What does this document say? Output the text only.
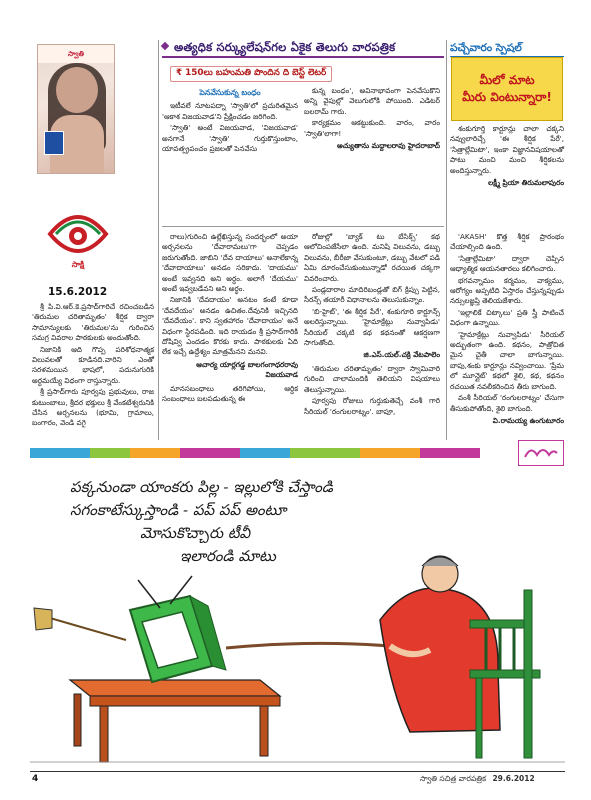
స్వాతి	అత్యధిక సర్క్యులేషన్‌గల ఏకైక తెలుగు వారపత్రిక	పచ్చేవారం స్పెషల్
₹ 150లు బహుమతి పొందిన ది బెస్ట్ లెటర్	మీలో మాట
మీరు వింటున్నారా!
సాక్షి
15.6.2012

శ్రీ పి.వి.ఆర్.కె.ప్రసాద్‌గారిచే రచించబడిన 'తిరుమల చరితామృతం' శీర్షిక ద్వారా సామాన్యులకు 'తిరుమల'ను గురించిన సమగ్ర వివరాల పాఠకులకు అందుతోంది.

నిజానికి ఆది గొప్ప పరిశోధనాత్మక విలువలతో కూడినది.వారిని ఎంతో సరళమయిన భాషలో, పదునుగురికి అర్థమయ్యే విధంగా రాస్తున్నారు.

శ్రీ ప్రసాద్‌గారు పూర్వపు ప్రభువులు, రాజ కుటుంబాలు, శ్రీదర భక్తులు శ్రీ వేంకటేశ్వరునికి చేసిన అర్చనలను (భూమి, గ్రామాలు, బంగారం, వెండి వగై

పెనవేసుకున్న బంధం

ఇటీవలే నూటపద్నా 'స్వాతి'లో ప్రచురితమైన 'ఆకాశ విజయవాడ'ని ప్రేక్షించడం జరిగింది.

'స్వాతి' అంటే విజయవాడ, 'విజయవాడ' అనగానే 'స్వాతి' గుర్తుకొస్తుంటాం, యావత్ప్రపంచం ప్రజలతో పెనవేసు

రాలు)గురించి ఉల్లేఖిస్తున్న సందర్భంలో అయా అర్చనలను 'దేవారామలు'గా చెప్పడం జరుగుతోంది. జాబిని 'దేవ దాయాలు' అనాలేకాన్న 'దేవాదాయాలు' అనడం సరికాదు. 'దాయము' అంటే ఇవ్వనది అని అర్థం. అలాగే 'దేయము' అంటే ఇవ్వబడేవని అని అర్థం.

నిజానికి 'దేవదాయం' అనటం కంటే కూడా 'దేవదేయం' అనడం ఉచితం.దేవునికి ఇచ్చినది 'దేవదేయం'. కాని స్వతహారం 'దేవాదాయం' అనే విధంగా స్థిరపడింది. ఇది రాయడం శ్రీ ప్రసాద్‌గారికి దోషివ్వి ఎందడం కొరకు కాదు. పాఠకులకు ఏది లేక ఇచ్చే ఉద్దేశ్యం మాత్రమేనని మనవి.

ఆచార్య యార్లగడ్డ బాలగంగాధరరావు విజయవాడ

మానసబంధాలు తరిగిపోయి, ఆర్థిక సంబంధాలు బలపడుతున్న ఈ

కున్న బంధం', అవినాభావంగా పెనవేసుకొని అన్ని వైపుల్లో వెలుగులోకి పోయింది. ఎడిటర్ బలరామ్ గారు.

కార్యక్రమం ఆకట్టుకుంది. వారం, వారం 'స్వాతి'లాగా!

అచ్యుతాను మద్దాలరావు హైదరాబాద్

రోజుల్లో 'బ్యాక్ టు బేసిక్స్' కథ ఆలోచింపజేసేలా ఉంది. మనిషి విలువను, డబ్బు విలువను, బీరీజా వేసుకుంటూ, డబ్బు వేటలో పడి ఏమి దూరంచేసుకుంటున్నాడో రచయిత చక్కగా వివరించారు.

పండ్లదారాల మాదిరిబండ్లతో బిగ్ క్రిప్సు పెట్టిన, సీరన్స్ తయారీ విధానాలను తెలుసుకున్నాం.

'బి-హైట్', 'ఈ శీర్షిక పేరే', శంకుగూరి కార్టూన్స్ అలరిస్తున్నాయి. 'హైమాక్రేట్లు నువ్వాపిడు' సీరియల్ చక్కటి కథ కథనంతో ఆకర్షణగా సాగుతోంది.

జి.ఎస్.యల్.చక్రి వేటపాలెం

'తిరుమల చరితామృతం' ద్వారా స్వామివారి గురించి చాలామందికి తెలియని విషయాలు తెలుస్తున్నాయి.

పూర్వపు రోజులు గుర్తుకుతెచ్చే వంశీ గారి సీరియల్ 'రంగులరాట్నం'. బాపూ,

శంకుగూర్తి కార్టూన్లు చాలా చక్కని నవ్వులారిచ్చే 'ఈ శీర్షిక పేరే', 'సిత్రాల్లేమిటా', ఇంకా విజ్ఞానవిషయాలతో పాటు మంచి మంచి శీర్షికలను అందిస్తున్నారు.

లక్ష్మీ ప్రియా తిరుమలాపురం

'AKASH' కొత్త శీర్షిక ప్రారంభం చేయాల్సింది ఉంది.

'సిత్రాల్లేమిటా' ద్వారా చెప్పిన ఆధ్యాత్మిక ఆయనతారలు కలిగించారు.

భగవన్నామం కర్మమం, వాక్యము, ఆరోగ్యం అప్పటిది ఏస్తారం చేస్తున్నప్పుడు నర్సులజ్ఞప్తి తెలియజేశారు.

'ఇల్లాలికే చిట్కాలు' ప్రతి స్త్రీ పాటించే విధంగా ఉన్నాయి.

'హైమాక్రేట్లు నువ్వాపిడు' సీరియల్ అద్భుతంగా ఉంది. కథనం, పాత్రోచిత మైన చైతీ చాలా బాగున్నాయి. బాపు,శంకు కార్టూన్లు నవ్వించాయి. 'ప్రేమ లో మూన్లైట్' కథలో శైలి, కథ, కథనం రచయిత నవలీకరించిన తీరు బాగుంది.

వంశీ సీరియల్ 'రంగులరాట్నం' చేసుగా తీసుకుపోతోంది, శైలి బాగుంది.

వి.రామయ్య ఉంగుటూరం
పక్కనుండా యాంకరు పిల్ల - ఇల్లులోకి చేస్తాండి
సగంకాటేస్కుస్తాండి - పప్ పప్ అంటూ
మోసుకొచ్చారు టీవీ
ఇలారండి మాటు
4	స్వాతి సచిత్ర వారపత్రిక 29.6.2012
